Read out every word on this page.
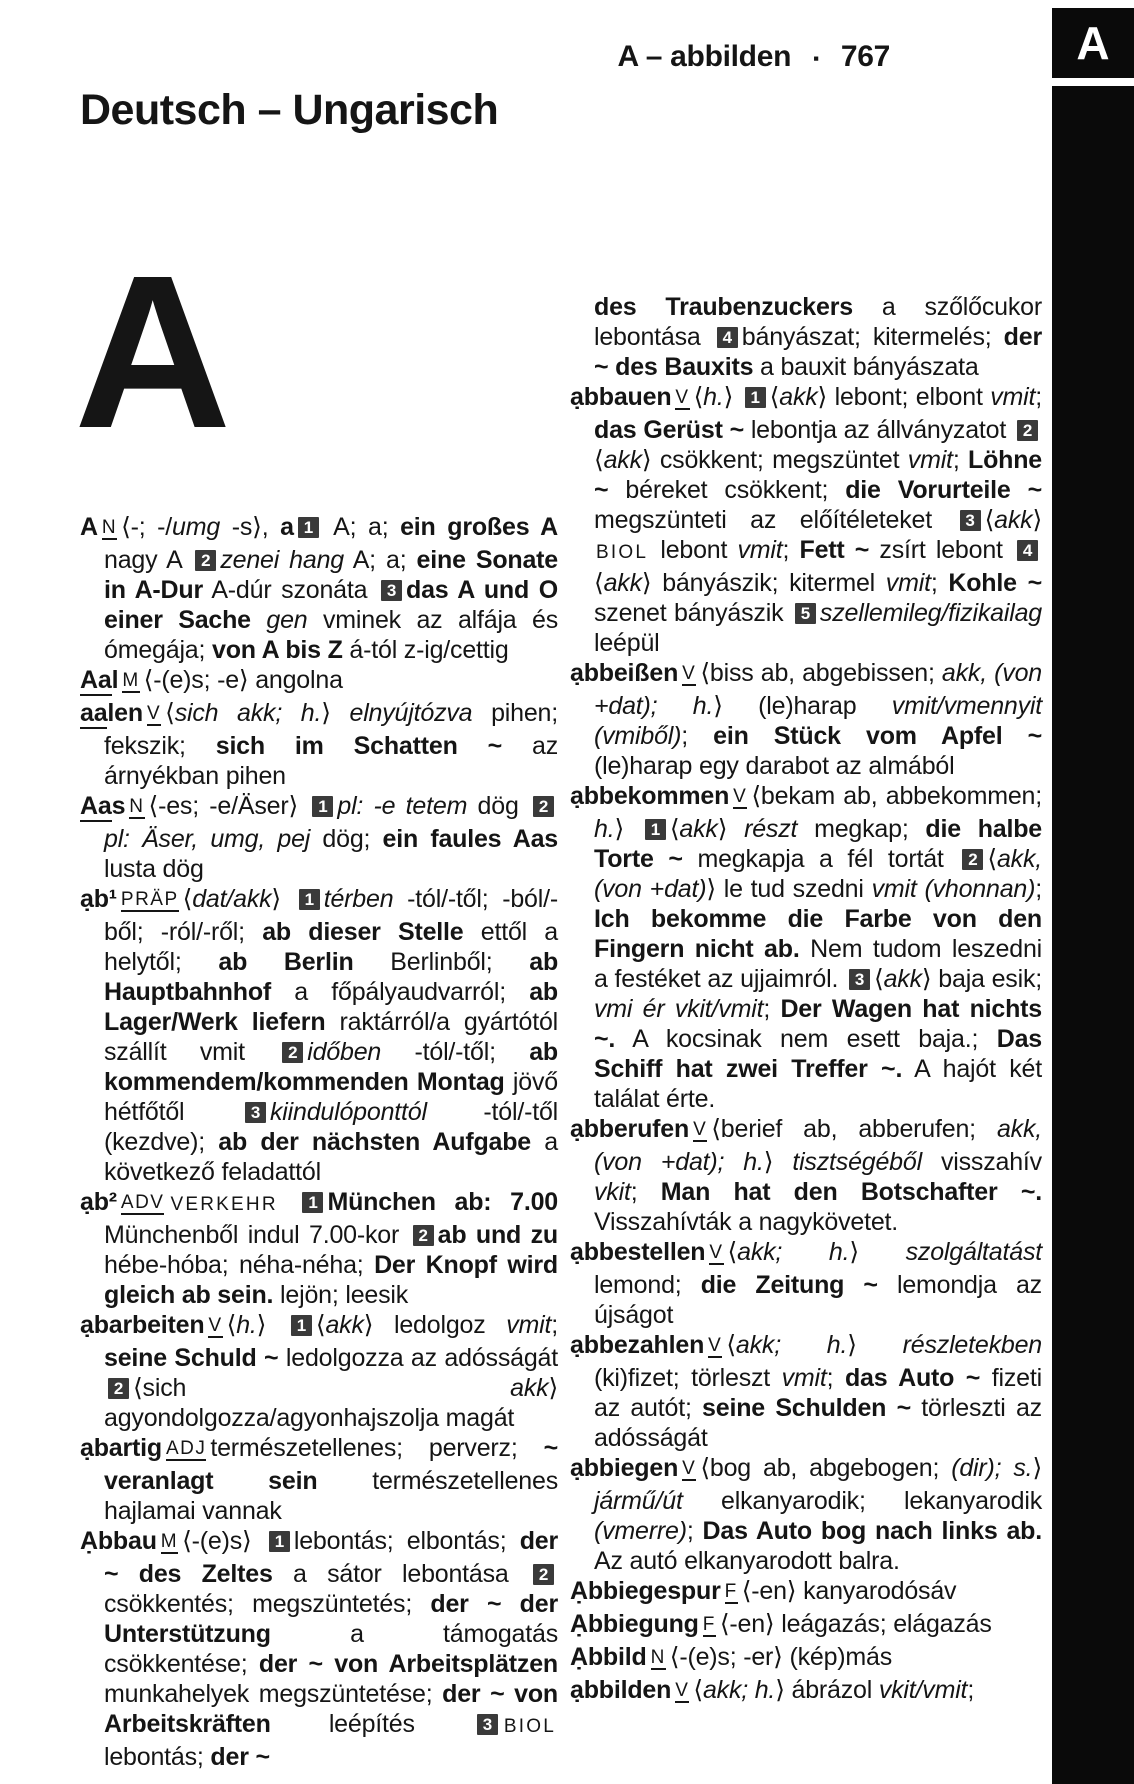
A – abbilden ▪ 767	A
Deutsch – Ungarisch
A

A N ⟨-; -/umg -s⟩, a 1 A; a; ein großes A nagy A 2 zenei hang A; a; eine Sonate in A-Dur A-dúr szonáta 3 das A und O einer Sache gen vminek az alfája és ómegája; von A bis Z á-tól z-ig/cettig

Aal M ⟨-(e)s; -e⟩ angolna

aalen V ⟨sich akk; h.⟩ elnyújtózva pihen; fekszik; sich im Schatten ~ az árnyékban pihen

Aas N ⟨-es; -e/Äser⟩ 1 pl: -e tetem dög 2pl: Äser, umg, pej dög; ein faules Aas lusta dög

ạb¹ PRÄP ⟨dat/akk⟩ 1 térben -tól/-től; -ból/-ből; -ról/-ről; ab dieser Stelle ettől a helytől; ab Berlin Berlinből; ab Hauptbahnhof a főpályaudvarról; ab Lager/Werk liefern raktárról/a gyártótól szállít vmit 2 időben -tól/-től; ab kommendem/kommenden Montag jövő hétfőtől 3 kiindulóponttól -tól/-től (kezdve); ab der nächsten Aufgabe a következő feladattól

ạb² ADV VERKEHR 1 München ab: 7.00 Münchenből indul 7.00-kor 2 ab und zu hébe-hóba; néha-néha; Der Knopf wird gleich ab sein. lejön; leesik

ạbarbeiten V ⟨h.⟩ 1 ⟨akk⟩ ledolgoz vmit; seine Schuld ~ ledolgozza az adósságát 2 ⟨sich akk⟩ agyondolgozza/agyonhajszolja magát

ạbartig ADJ természetellenes; perverz; ~ veranlagt sein természetellenes hajlamai vannak

Ạbbau M ⟨-(e)s⟩ 1 lebontás; elbontás; der ~ des Zeltes a sátor lebontása 2csökkentés; megszüntetés; der ~ der Unterstützung a támogatás csökkentése; der ~ von Arbeitsplätzen munkahelyek megszüntetése; der ~ von Arbeitskräften leépítés 3 BIOL lebontás; der ~

des Traubenzuckers a szőlőcukor lebontása 4 bányászat; kitermelés; der ~ des Bauxits a bauxit bányászata

ạbbauen V ⟨h.⟩ 1 ⟨akk⟩ lebont; elbont vmit; das Gerüst ~ lebontja az állványzatot 2⟨akk⟩ csökkent; megszüntet vmit; Löhne ~ béreket csökkent; die Vorurteile ~ megszünteti az előítéleteket 3 ⟨akk⟩ BIOL lebont vmit; Fett ~ zsírt lebont 4⟨akk⟩ bányászik; kitermel vmit; Kohle ~ szenet bányászik 5 szellemileg/fizikailag leépül

ạbbeißen V ⟨biss ab, abgebissen; akk, (von +dat); h.⟩ (le)harap vmit/vmennyit (vmiből); ein Stück vom Apfel ~ (le)harap egy darabot az almából

ạbbekommen V ⟨bekam ab, abbekommen; h.⟩ 1 ⟨akk⟩ részt megkap; die halbe Torte ~ megkapja a fél tortát 2 ⟨akk, (von +dat)⟩ le tud szedni vmit (vhonnan); Ich bekomme die Farbe von den Fingern nicht ab. Nem tudom leszedni a festéket az ujjaimról. 3 ⟨akk⟩ baja esik; vmi ér vkit/vmit; Der Wagen hat nichts ~. A kocsinak nem esett baja.; Das Schiff hat zwei Treffer ~. A hajót két találat érte.

ạbberufen V ⟨berief ab, abberufen; akk, (von +dat); h.⟩ tisztségéből visszahív vkit; Man hat den Botschafter ~. Visszahívták a nagykövetet.

ạbbestellen V ⟨akk; h.⟩ szolgáltatást lemond; die Zeitung ~ lemondja az újságot

ạbbezahlen V ⟨akk; h.⟩ részletekben (ki)fizet; törleszt vmit; das Auto ~ fizeti az autót; seine Schulden ~ törleszti az adósságát

ạbbiegen V ⟨bog ab, abgebogen; (dir); s.⟩ jármű/út elkanyarodik; lekanyarodik (vmerre); Das Auto bog nach links ab. Az autó elkanyarodott balra.

Ạbbiegespur F ⟨-en⟩ kanyarodósáv

Ạbbiegung F ⟨-en⟩ leágazás; elágazás

Ạbbild N ⟨-(e)s; -er⟩ (kép)más

ạbbilden V ⟨akk; h.⟩ ábrázol vkit/vmit;
